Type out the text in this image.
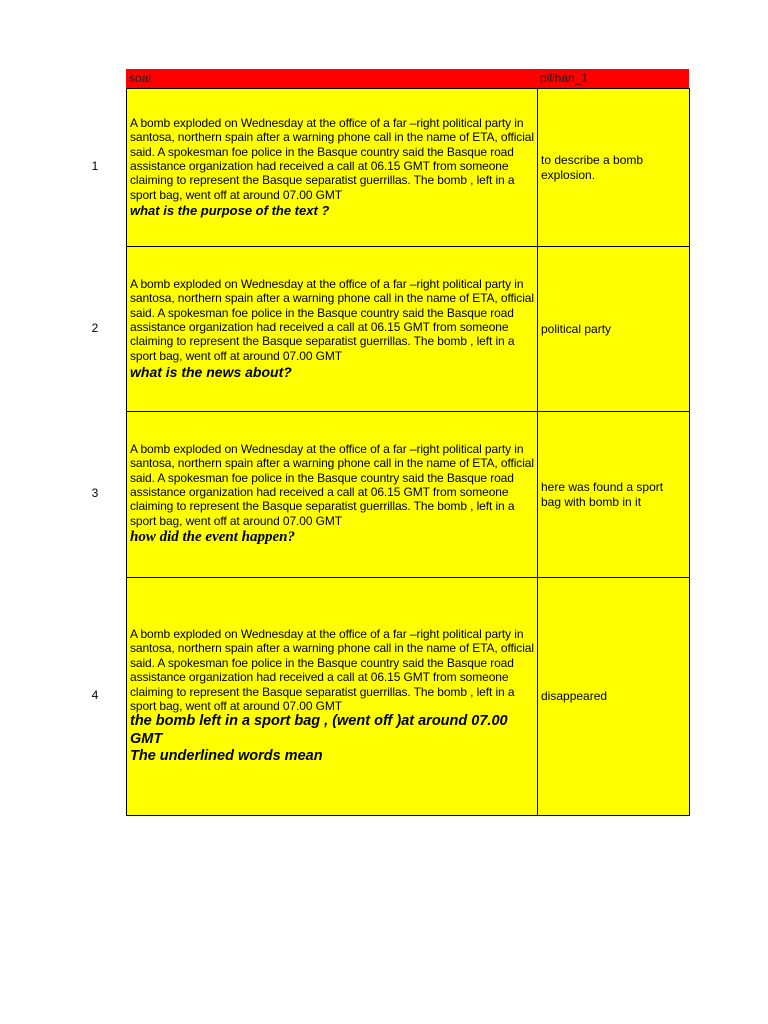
soal	pilihan_1
1

A bomb exploded on Wednesday at the office of a far –right political party in santosa, northern spain after a warning phone call in the name of ETA, official said. A spokesman foe police in the Basque country said the Basque road assistance organization had received a call at 06.15 GMT from someone claiming to represent the Basque separatist guerrillas. The bomb , left in a sport bag, went off at around 07.00 GMT

what is the purpose of the text ?

to describe a bomb explosion.

2

A bomb exploded on Wednesday at the office of a far –right political party in santosa, northern spain after a warning phone call in the name of ETA, official said. A spokesman foe police in the Basque country said the Basque road assistance organization had received a call at 06.15 GMT from someone claiming to represent the Basque separatist guerrillas. The bomb , left in a sport bag, went off at around 07.00 GMT

what is the news about?

political party

3

A bomb exploded on Wednesday at the office of a far –right political party in santosa, northern spain after a warning phone call in the name of ETA, official said. A spokesman foe police in the Basque country said the Basque road assistance organization had received a call at 06.15 GMT from someone claiming to represent the Basque separatist guerrillas. The bomb , left in a sport bag, went off at around 07.00 GMT

how did the event happen?

here was found a sport bag with bomb in it

4

A bomb exploded on Wednesday at the office of a far –right political party in santosa, northern spain after a warning phone call in the name of ETA, official said. A spokesman foe police in the Basque country said the Basque road assistance organization had received a call at 06.15 GMT from someone claiming to represent the Basque separatist guerrillas. The bomb , left in a sport bag, went off at around 07.00 GMT

the bomb left in a sport bag , (went off )at around 07.00 GMT

The underlined words mean

disappeared
